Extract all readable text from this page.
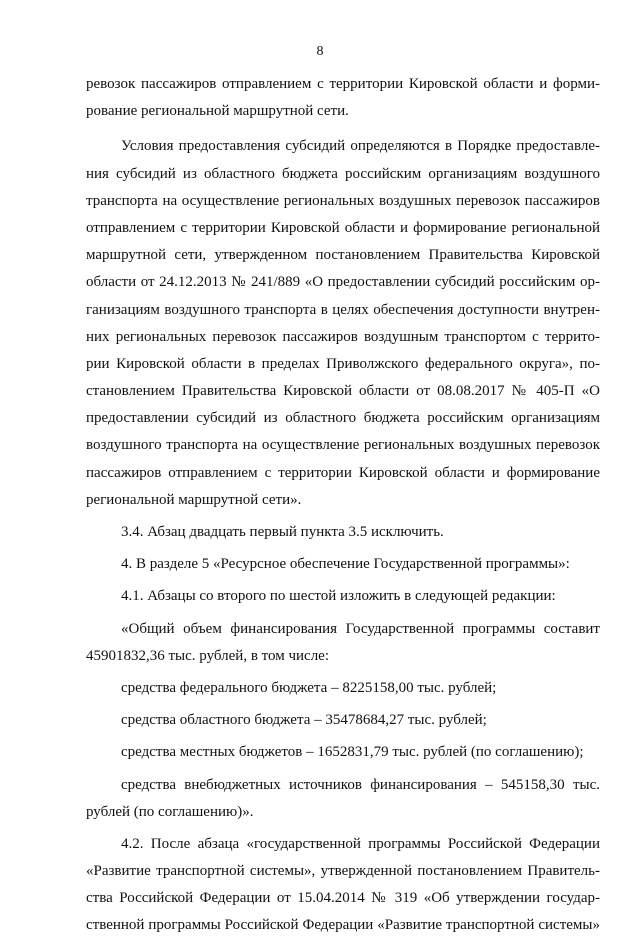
8
ревозок пассажиров отправлением с территории Кировской области и форми-
рование региональной маршрутной сети.
Условия предоставления субсидий определяются в Порядке предоставле-
ния субсидий из областного бюджета российским организациям воздушного
транспорта на осуществление региональных воздушных перевозок пассажиров
отправлением с территории Кировской области и формирование региональной
маршрутной сети, утвержденном постановлением Правительства Кировской
области от 24.12.2013 № 241/889 «О предоставлении субсидий российским ор-
ганизациям воздушного транспорта в целях обеспечения доступности внутрен-
них региональных перевозок пассажиров воздушным транспортом с террито-
рии Кировской области в пределах Приволжского федерального округа», по-
становлением Правительства Кировской области от 08.08.2017 № 405-П «О
предоставлении субсидий из областного бюджета российским организациям
воздушного транспорта на осуществление региональных воздушных перевозок
пассажиров отправлением с территории Кировской области и формирование
региональной маршрутной сети».
3.4. Абзац двадцать первый пункта 3.5 исключить.
4. В разделе 5 «Ресурсное обеспечение Государственной программы»:
4.1. Абзацы со второго по шестой изложить в следующей редакции:
«Общий объем финансирования Государственной программы составит
45901832,36 тыс. рублей, в том числе:
средства федерального бюджета – 8225158,00 тыс. рублей;
средства областного бюджета – 35478684,27 тыс. рублей;
средства местных бюджетов – 1652831,79 тыс. рублей (по соглашению);
средства внебюджетных источников финансирования – 545158,30 тыс.
рублей (по соглашению)».
4.2. После абзаца «государственной программы Российской Федерации
«Развитие транспортной системы», утвержденной постановлением Правитель-
ства Российской Федерации от 15.04.2014 № 319 «Об утверждении государ-
ственной программы Российской Федерации «Развитие транспортной системы»
